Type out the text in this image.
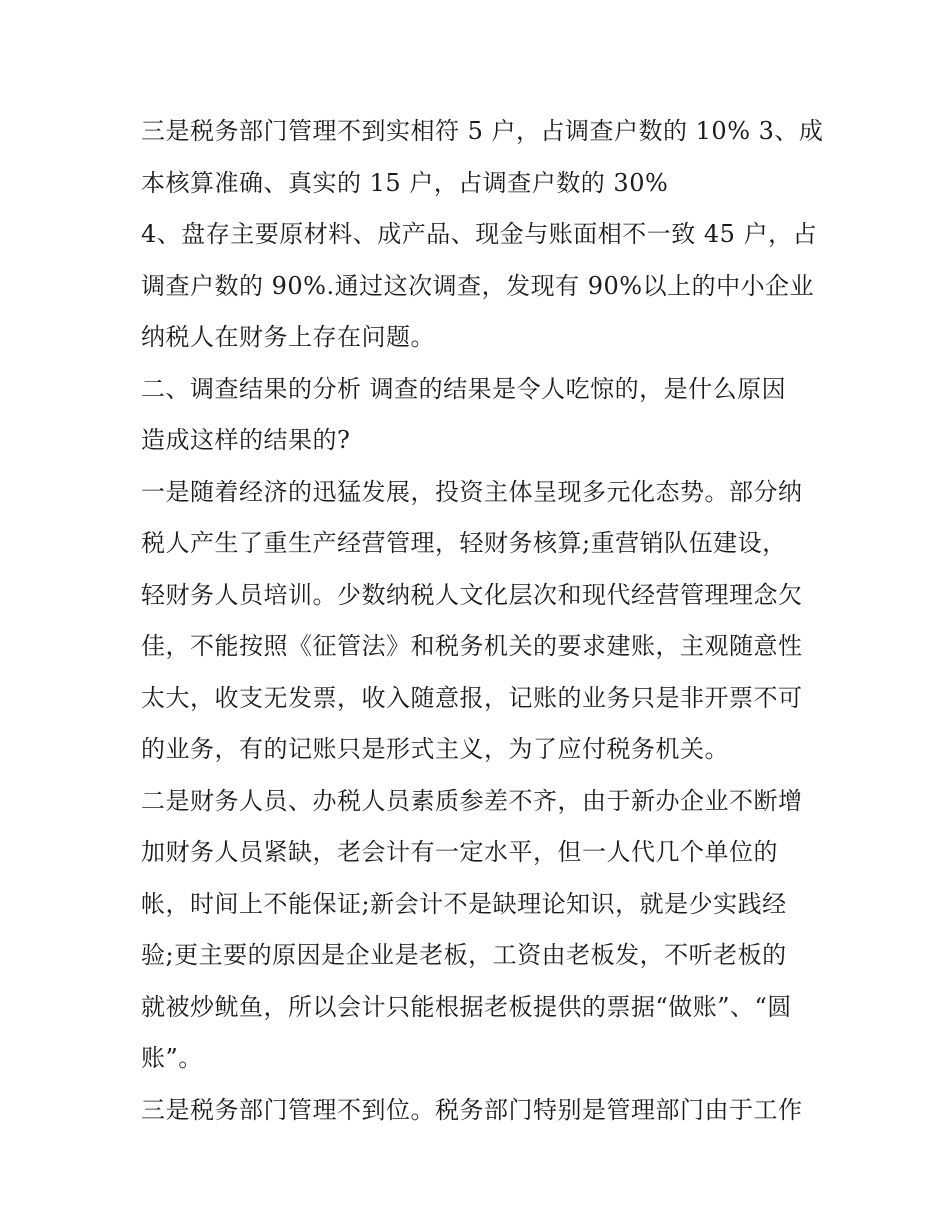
三是税务部门管理不到实相符 5 户，占调查户数的 10% 3、成
本核算准确、真实的 15 户，占调查户数的 30%
4、盘存主要原材料、成产品、现金与账面相不一致 45 户，占
调查户数的 90%.通过这次调查，发现有 90%以上的中小企业
纳税人在财务上存在问题。
二、调查结果的分析 调查的结果是令人吃惊的，是什么原因
造成这样的结果的?
一是随着经济的迅猛发展，投资主体呈现多元化态势。部分纳
税人产生了重生产经营管理，轻财务核算;重营销队伍建设，
轻财务人员培训。少数纳税人文化层次和现代经营管理理念欠
佳，不能按照《征管法》和税务机关的要求建账，主观随意性
太大，收支无发票，收入随意报，记账的业务只是非开票不可
的业务，有的记账只是形式主义，为了应付税务机关。
二是财务人员、办税人员素质参差不齐，由于新办企业不断增
加财务人员紧缺，老会计有一定水平，但一人代几个单位的
帐，时间上不能保证;新会计不是缺理论知识，就是少实践经
验;更主要的原因是企业是老板，工资由老板发，不听老板的
就被炒鱿鱼，所以会计只能根据老板提供的票据“做账”、“圆
账”。
三是税务部门管理不到位。税务部门特别是管理部门由于工作
